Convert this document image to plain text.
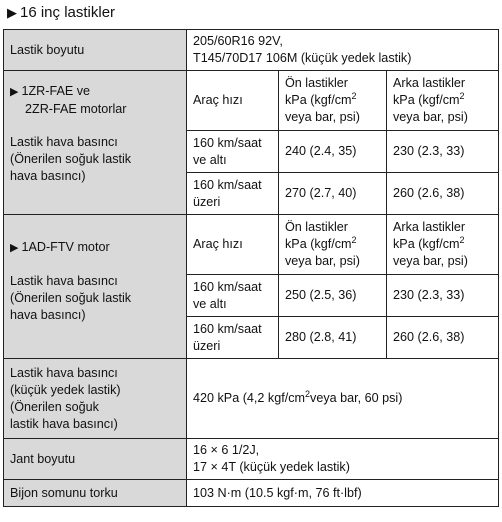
▶ 16 inç lastikler
Lastik boyutu	205/60R16 92V,
T145/70D17 106M (küçük yedek lastik)		

▶ 1ZR-FAE ve
2ZR-FAE motorlar
Lastik hava basıncı
(Önerilen soğuk lastik
hava basıncı)	Araç hızı	Ön lastikler
kPa ($kgf/cm^2$
veya bar, psi)	Arka lastikler
kPa ($kgf/cm^2$
veya bar, psi)

	160 km/saat
ve altı	240 (2.4, 35)	230 (2.3, 33)

	160 km/saat
üzeri	270 (2.7, 40)	260 (2.6, 38)

▶ 1AD-FTV motor
Lastik hava basıncı
(Önerilen soğuk lastik
hava basıncı)	Araç hızı	Ön lastikler
kPa ($kgf/cm^2$
veya bar, psi)	Arka lastikler
kPa ($kgf/cm^2$
veya bar, psi)

	160 km/saat
ve altı	250 (2.5, 36)	230 (2.3, 33)

	160 km/saat
üzeri	280 (2.8, 41)	260 (2.6, 38)

Lastik hava basıncı
(küçük yedek lastik)
(Önerilen soğuk
lastik hava basıncı)	420 kPa (4,2 kgf/$cm^2veya$ bar, 60 psi)		
Jant boyutu	16 × 6 1/2J,
17 × 4T (küçük yedek lastik)		

Bijon somunu torku	103 N·m (10.5 kgf·m, 76 ft·lbf)		
